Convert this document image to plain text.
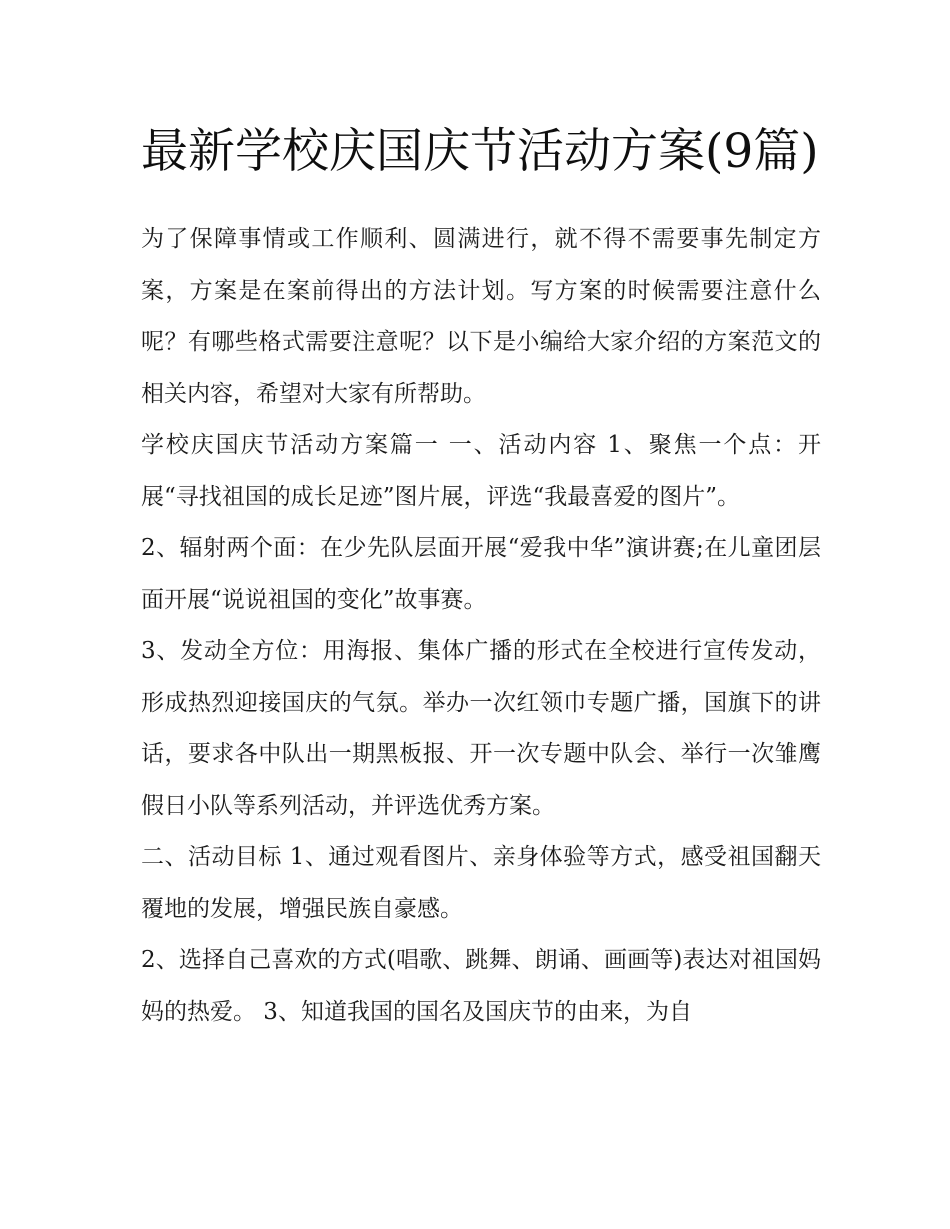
最新学校庆国庆节活动方案(9篇)

为了保障事情或工作顺利、圆满进行，就不得不需要事先制定方案，方案是在案前得出的方法计划。写方案的时候需要注意什么呢？有哪些格式需要注意呢？以下是小编给大家介绍的方案范文的相关内容，希望对大家有所帮助。

学校庆国庆节活动方案篇一 一、活动内容 1、聚焦一个点：开展“寻找祖国的成长足迹”图片展，评选“我最喜爱的图片”。

2、辐射两个面：在少先队层面开展“爱我中华”演讲赛;在儿童团层面开展“说说祖国的变化”故事赛。

3、发动全方位：用海报、集体广播的形式在全校进行宣传发动，形成热烈迎接国庆的气氛。举办一次红领巾专题广播，国旗下的讲话，要求各中队出一期黑板报、开一次专题中队会、举行一次雏鹰假日小队等系列活动，并评选优秀方案。

二、活动目标 1、通过观看图片、亲身体验等方式，感受祖国翻天覆地的发展，增强民族自豪感。

2、选择自己喜欢的方式(唱歌、跳舞、朗诵、画画等)表达对祖国妈妈的热爱。 3、知道我国的国名及国庆节的由来，为自
